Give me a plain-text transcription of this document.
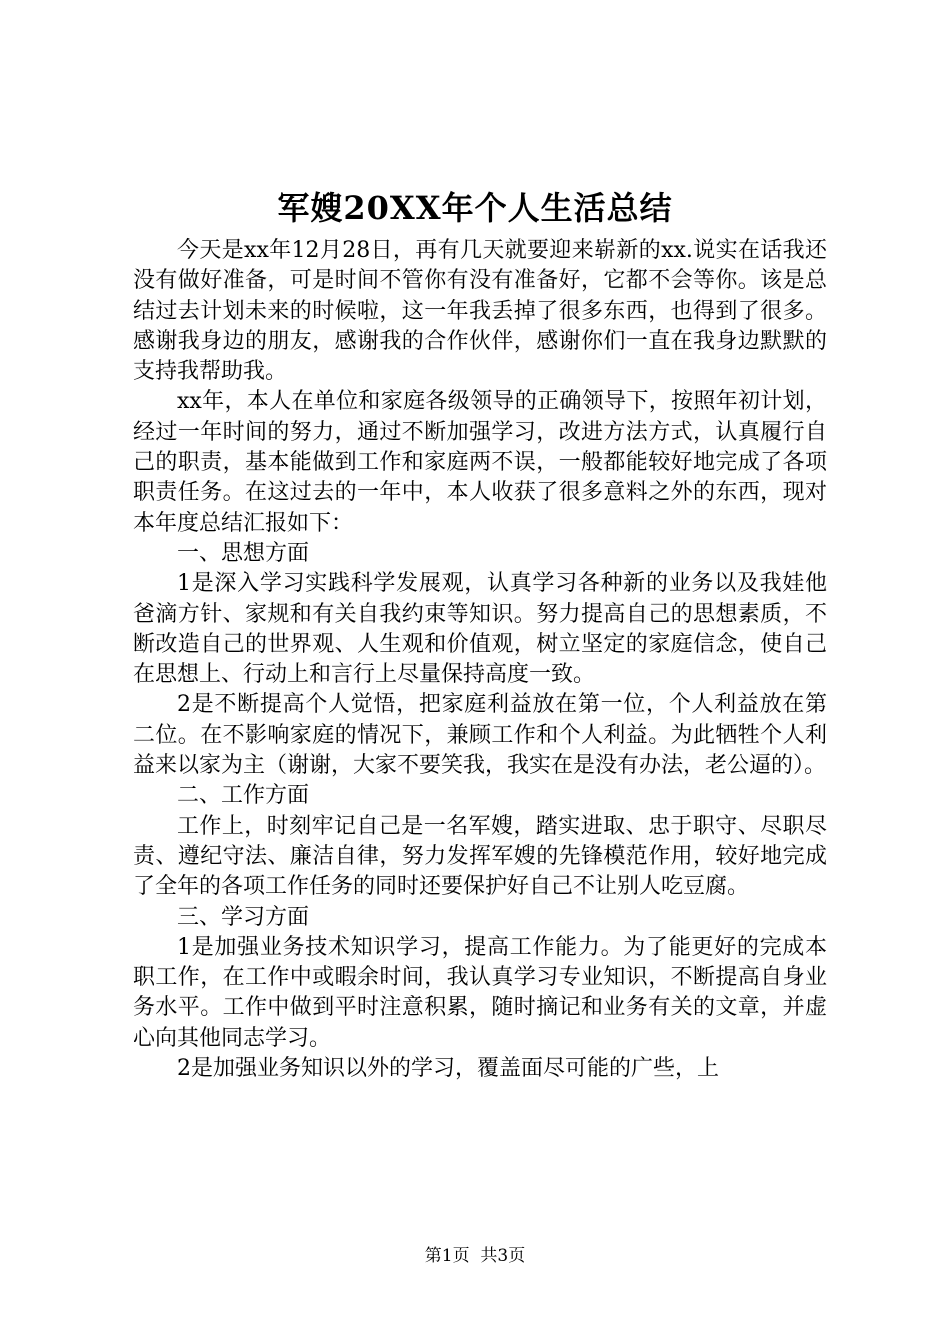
军嫂20XX年个人生活总结

今天是xx年12月28日，再有几天就要迎来崭新的xx.说实在话我还没有做好准备，可是时间不管你有没有准备好，它都不会等你。该是总结过去计划未来的时候啦，这一年我丢掉了很多东西，也得到了很多。感谢我身边的朋友，感谢我的合作伙伴，感谢你们一直在我身边默默的支持我帮助我。

xx年，本人在单位和家庭各级领导的正确领导下，按照年初计划，经过一年时间的努力，通过不断加强学习，改进方法方式，认真履行自己的职责，基本能做到工作和家庭两不误，一般都能较好地完成了各项职责任务。在这过去的一年中，本人收获了很多意料之外的东西，现对本年度总结汇报如下：

一、思想方面

1是深入学习实践科学发展观，认真学习各种新的业务以及我娃他爸滴方针、家规和有关自我约束等知识。努力提高自己的思想素质，不断改造自己的世界观、人生观和价值观，树立坚定的家庭信念，使自己在思想上、行动上和言行上尽量保持高度一致。

2是不断提高个人觉悟，把家庭利益放在第一位，个人利益放在第二位。在不影响家庭的情况下，兼顾工作和个人利益。为此牺牲个人利益来以家为主（谢谢，大家不要笑我，我实在是没有办法，老公逼的）。

二、工作方面

工作上，时刻牢记自己是一名军嫂，踏实进取、忠于职守、尽职尽责、遵纪守法、廉洁自律，努力发挥军嫂的先锋模范作用，较好地完成了全年的各项工作任务的同时还要保护好自己不让别人吃豆腐。

三、学习方面

1是加强业务技术知识学习，提高工作能力。为了能更好的完成本职工作，在工作中或暇余时间，我认真学习专业知识，不断提高自身业务水平。工作中做到平时注意积累，随时摘记和业务有关的文章，并虚心向其他同志学习。

2是加强业务知识以外的学习，覆盖面尽可能的广些，上

第1页 共3页
